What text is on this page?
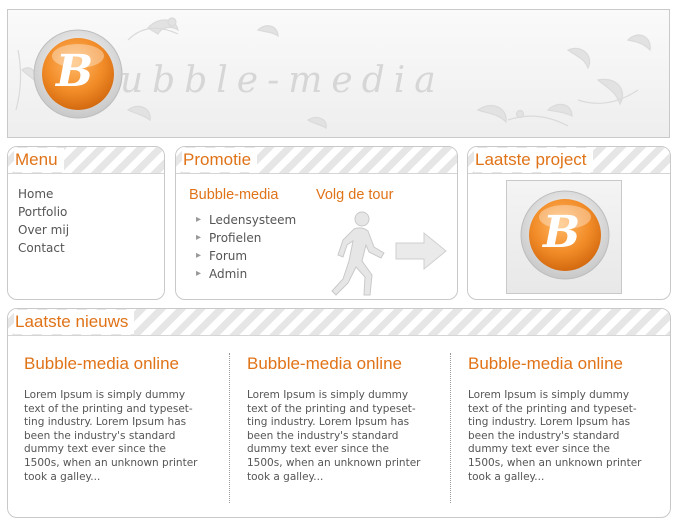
B ubble-media
Menu
Home
Portfolio
Over mij
Contact
Promotie
Bubble-media	Volg de tour
▸ Ledensysteem
▸ Profielen
▸ Forum
▸ Admin
Laatste project
B
Laatste nieuws
Bubble-media online
Lorem Ipsum is simply dummy
text of the printing and typeset-
ting industry. Lorem Ipsum has
been the industry's standard
dummy text ever since the
1500s, when an unknown printer
took a galley...
Bubble-media online
Lorem Ipsum is simply dummy
text of the printing and typeset-
ting industry. Lorem Ipsum has
been the industry's standard
dummy text ever since the
1500s, when an unknown printer
took a galley...
Bubble-media online
Lorem Ipsum is simply dummy
text of the printing and typeset-
ting industry. Lorem Ipsum has
been the industry's standard
dummy text ever since the
1500s, when an unknown printer
took a galley...
